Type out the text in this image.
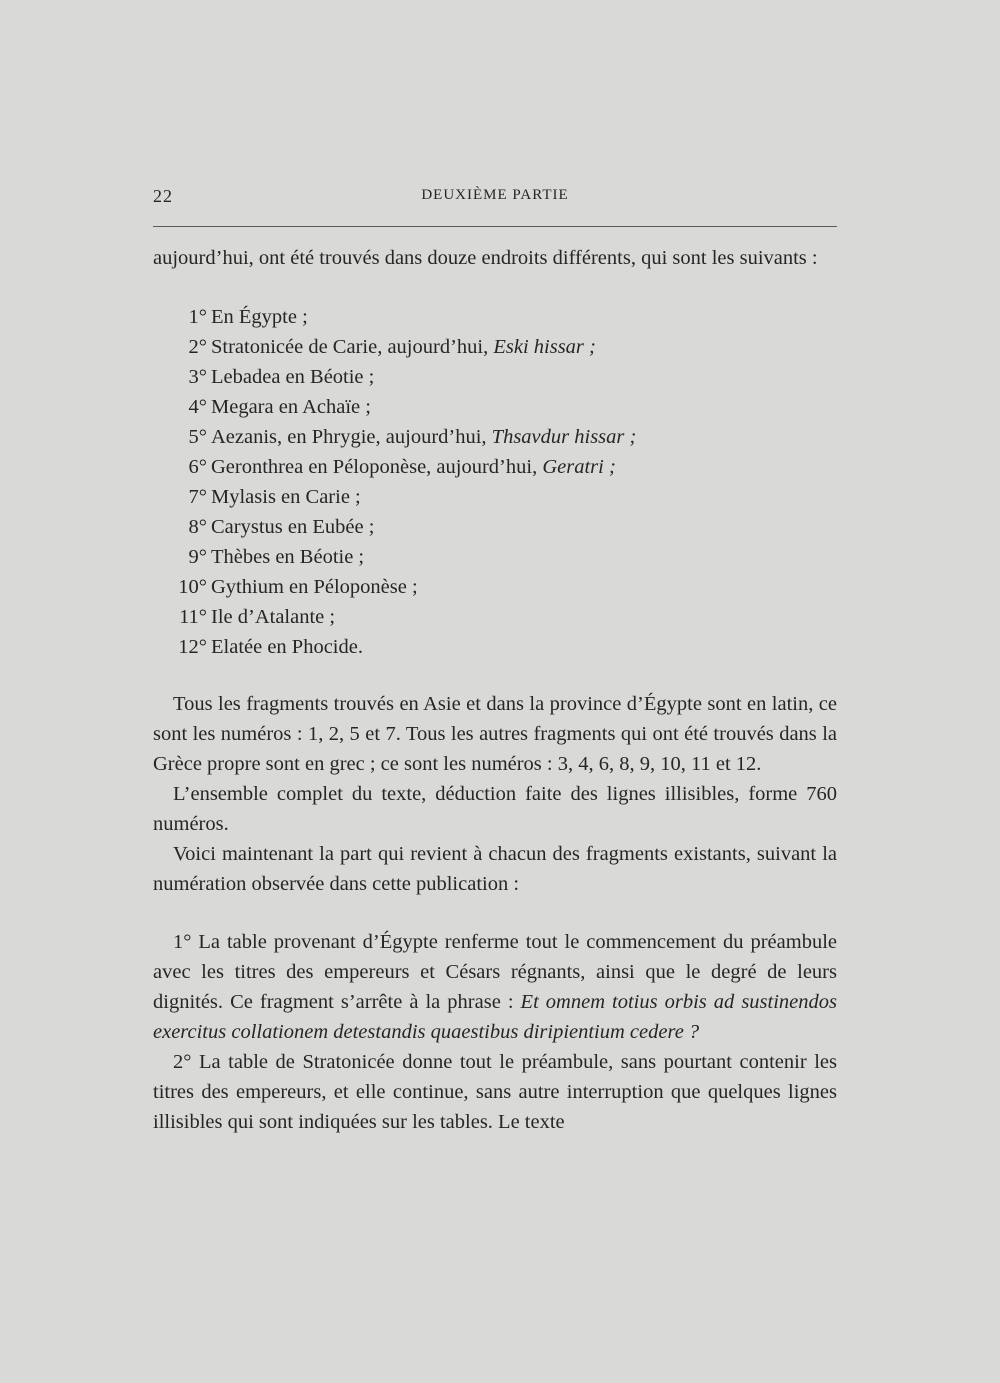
22	DEUXIÈME PARTIE

aujourd’hui, ont été trouvés dans douze endroits différents, qui sont les suivants :

1° En Égypte ;
2° Stratonicée de Carie, aujourd’hui, Eski hissar ;
3° Lebadea en Béotie ;
4° Megara en Achaïe ;
5° Aezanis, en Phrygie, aujourd’hui, Thsavdur hissar ;
6° Geronthrea en Péloponèse, aujourd’hui, Geratri ;
7° Mylasis en Carie ;
8° Carystus en Eubée ;
9° Thèbes en Béotie ;
10° Gythium en Péloponèse ;
11° Ile d’Atalante ;
12° Elatée en Phocide.

Tous les fragments trouvés en Asie et dans la province d’Égypte sont en latin, ce sont les numéros : 1, 2, 5 et 7. Tous les autres fragments qui ont été trouvés dans la Grèce propre sont en grec ; ce sont les numéros : 3, 4, 6, 8, 9, 10, 11 et 12.

L’ensemble complet du texte, déduction faite des lignes illisibles, forme 760 numéros.

Voici maintenant la part qui revient à chacun des fragments existants, suivant la numération observée dans cette publication :

1° La table provenant d’Égypte renferme tout le commencement du préambule avec les titres des empereurs et Césars régnants, ainsi que le degré de leurs dignités. Ce fragment s’arrête à la phrase : Et omnem totius orbis ad sustinendos exercitus collationem detestandis quaestibus diripientium cedere ?

2° La table de Stratonicée donne tout le préambule, sans pourtant contenir les titres des empereurs, et elle continue, sans autre interruption que quelques lignes illisibles qui sont indiquées sur les tables. Le texte
